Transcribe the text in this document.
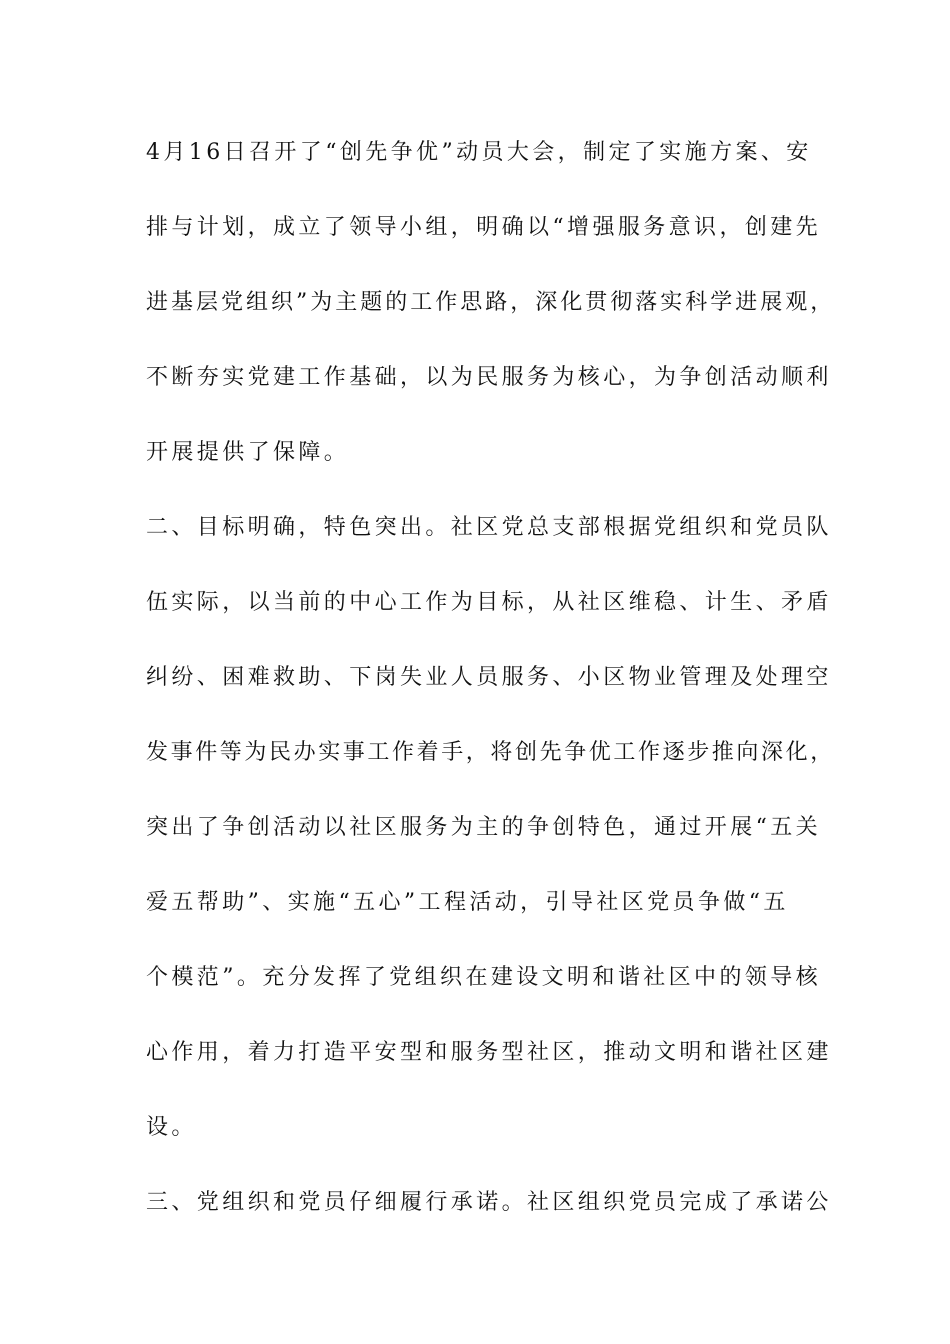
4月16日召开了“创先争优”动员大会，制定了实施方案、安
排与计划，成立了领导小组，明确以“增强服务意识，创建先
进基层党组织”为主题的工作思路，深化贯彻落实科学进展观，
不断夯实党建工作基础，以为民服务为核心，为争创活动顺利
开展提供了保障。
二、目标明确，特色突出。社区党总支部根据党组织和党员队
伍实际，以当前的中心工作为目标，从社区维稳、计生、矛盾
纠纷、困难救助、下岗失业人员服务、小区物业管理及处理空
发事件等为民办实事工作着手，将创先争优工作逐步推向深化，
突出了争创活动以社区服务为主的争创特色，通过开展“五关
爱五帮助”、实施“五心”工程活动，引导社区党员争做“五
个模范”。充分发挥了党组织在建设文明和谐社区中的领导核
心作用，着力打造平安型和服务型社区，推动文明和谐社区建
设。
三、党组织和党员仔细履行承诺。社区组织党员完成了承诺公
